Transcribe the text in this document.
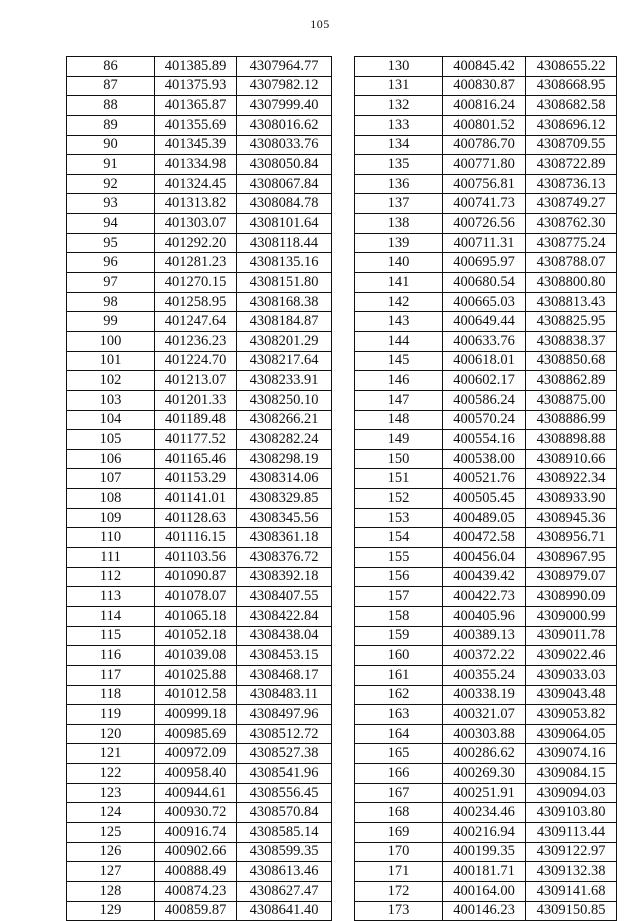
105
86	401385.89	4307964.77
87	401375.93	4307982.12
88	401365.87	4307999.40
89	401355.69	4308016.62
90	401345.39	4308033.76
91	401334.98	4308050.84
92	401324.45	4308067.84
93	401313.82	4308084.78
94	401303.07	4308101.64
95	401292.20	4308118.44
96	401281.23	4308135.16
97	401270.15	4308151.80
98	401258.95	4308168.38
99	401247.64	4308184.87
100	401236.23	4308201.29
101	401224.70	4308217.64
102	401213.07	4308233.91
103	401201.33	4308250.10
104	401189.48	4308266.21
105	401177.52	4308282.24
106	401165.46	4308298.19
107	401153.29	4308314.06
108	401141.01	4308329.85
109	401128.63	4308345.56
110	401116.15	4308361.18
111	401103.56	4308376.72
112	401090.87	4308392.18
113	401078.07	4308407.55
114	401065.18	4308422.84
115	401052.18	4308438.04
116	401039.08	4308453.15
117	401025.88	4308468.17
118	401012.58	4308483.11
119	400999.18	4308497.96
120	400985.69	4308512.72
121	400972.09	4308527.38
122	400958.40	4308541.96
123	400944.61	4308556.45
124	400930.72	4308570.84
125	400916.74	4308585.14
126	400902.66	4308599.35
127	400888.49	4308613.46
128	400874.23	4308627.47
129	400859.87	4308641.40
130	400845.42	4308655.22
131	400830.87	4308668.95
132	400816.24	4308682.58
133	400801.52	4308696.12
134	400786.70	4308709.55
135	400771.80	4308722.89
136	400756.81	4308736.13
137	400741.73	4308749.27
138	400726.56	4308762.30
139	400711.31	4308775.24
140	400695.97	4308788.07
141	400680.54	4308800.80
142	400665.03	4308813.43
143	400649.44	4308825.95
144	400633.76	4308838.37
145	400618.01	4308850.68
146	400602.17	4308862.89
147	400586.24	4308875.00
148	400570.24	4308886.99
149	400554.16	4308898.88
150	400538.00	4308910.66
151	400521.76	4308922.34
152	400505.45	4308933.90
153	400489.05	4308945.36
154	400472.58	4308956.71
155	400456.04	4308967.95
156	400439.42	4308979.07
157	400422.73	4308990.09
158	400405.96	4309000.99
159	400389.13	4309011.78
160	400372.22	4309022.46
161	400355.24	4309033.03
162	400338.19	4309043.48
163	400321.07	4309053.82
164	400303.88	4309064.05
165	400286.62	4309074.16
166	400269.30	4309084.15
167	400251.91	4309094.03
168	400234.46	4309103.80
169	400216.94	4309113.44
170	400199.35	4309122.97
171	400181.71	4309132.38
172	400164.00	4309141.68
173	400146.23	4309150.85
